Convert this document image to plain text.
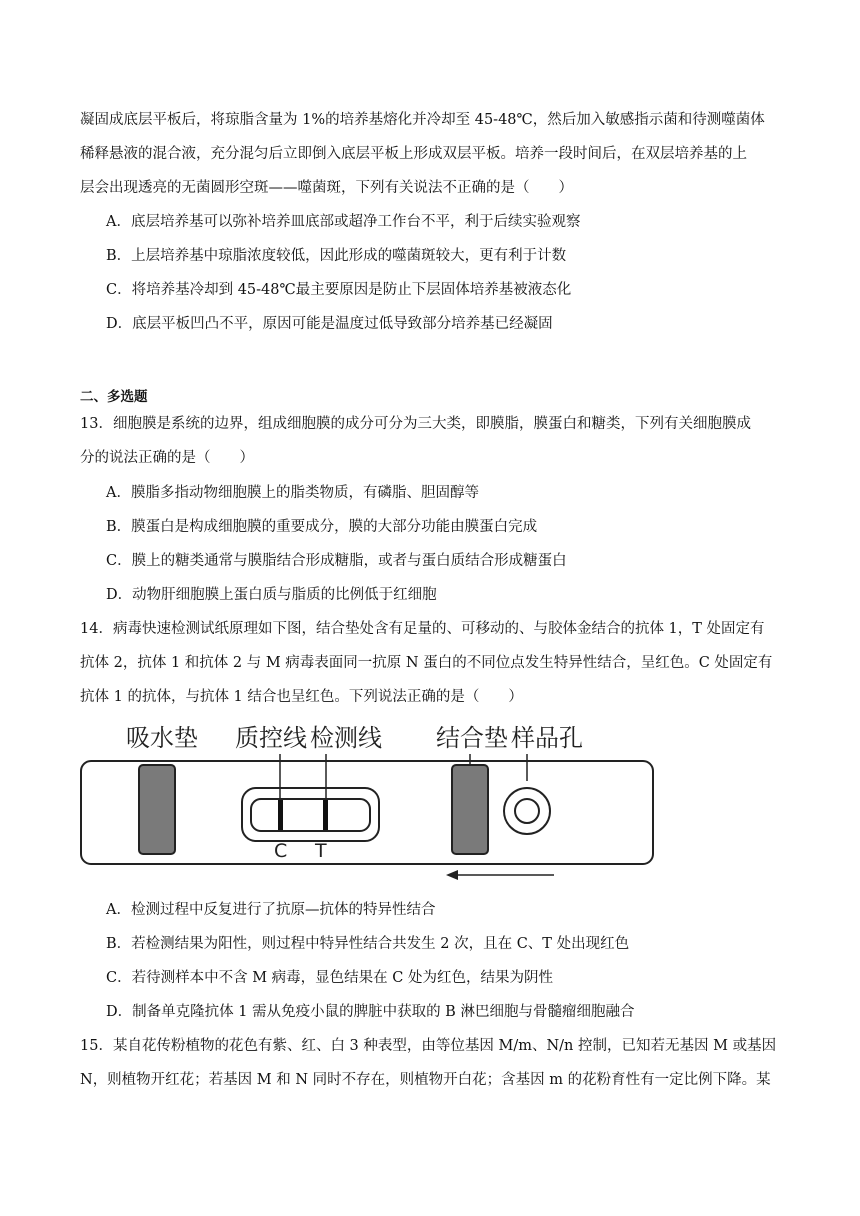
凝固成底层平板后，将琼脂含量为 1%的培养基熔化并冷却至 45-48℃，然后加入敏感指示菌和待测噬菌体

稀释悬液的混合液，充分混匀后立即倒入底层平板上形成双层平板。培养一段时间后，在双层培养基的上

层会出现透亮的无菌圆形空斑——噬菌斑，下列有关说法不正确的是（　　）

A．底层培养基可以弥补培养皿底部或超净工作台不平，利于后续实验观察

B．上层培养基中琼脂浓度较低，因此形成的噬菌斑较大，更有利于计数

C．将培养基冷却到 45-48℃最主要原因是防止下层固体培养基被液态化

D．底层平板凹凸不平，原因可能是温度过低导致部分培养基已经凝固

二、多选题

13．细胞膜是系统的边界，组成细胞膜的成分可分为三大类，即膜脂，膜蛋白和糖类，下列有关细胞膜成

分的说法正确的是（　　）

A．膜脂多指动物细胞膜上的脂类物质，有磷脂、胆固醇等

B．膜蛋白是构成细胞膜的重要成分，膜的大部分功能由膜蛋白完成

C．膜上的糖类通常与膜脂结合形成糖脂，或者与蛋白质结合形成糖蛋白

D．动物肝细胞膜上蛋白质与脂质的比例低于红细胞

14．病毒快速检测试纸原理如下图，结合垫处含有足量的、可移动的、与胶体金结合的抗体 1，T 处固定有

抗体 2，抗体 1 和抗体 2 与 M 病毒表面同一抗原 N 蛋白的不同位点发生特异性结合，呈红色。C 处固定有

抗体 1 的抗体，与抗体 1 结合也呈红色。下列说法正确的是（　　）

吸水垫 质控线 检测线 结合垫 样品孔
C T

A．检测过程中反复进行了抗原—抗体的特异性结合

B．若检测结果为阳性，则过程中特异性结合共发生 2 次，且在 C、T 处出现红色

C．若待测样本中不含 M 病毒，显色结果在 C 处为红色，结果为阴性

D．制备单克隆抗体 1 需从免疫小鼠的脾脏中获取的 B 淋巴细胞与骨髓瘤细胞融合

15．某自花传粉植物的花色有紫、红、白 3 种表型，由等位基因 M/m、N/n 控制，已知若无基因 M 或基因

N，则植物开红花；若基因 M 和 N 同时不存在，则植物开白花；含基因 m 的花粉育性有一定比例下降。某
